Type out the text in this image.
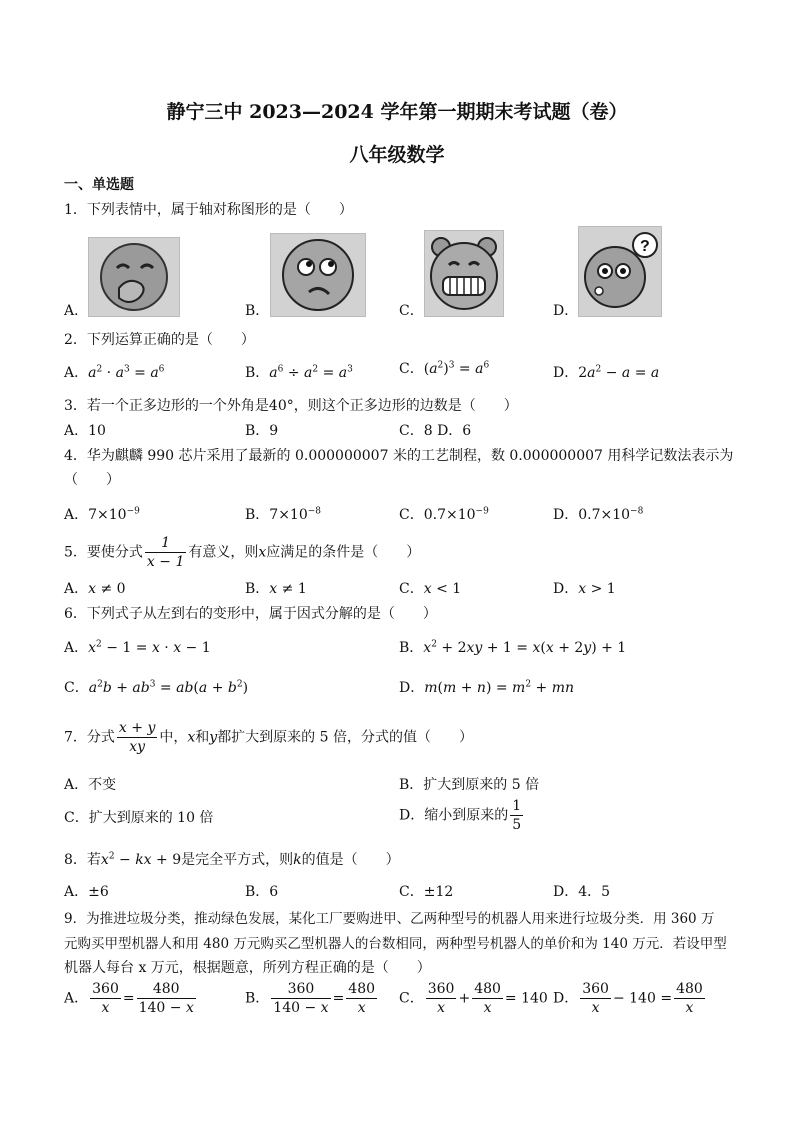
静宁三中 2023—2024 学年第一期期末考试题（卷）
八年级数学
一、单选题
1．下列表情中，属于轴对称图形的是（　　）
A．	B．	C．	D．
?
2．下列运算正确的是（　　）
A．$a^2 \cdot a^3 = a^6$	B．$a^6 \div a^2 = a^3$	C．$(a^2)^3 = a^6$	D．$2a^2 - a = a$
3．若一个正多边形的一个外角是40°，则这个正多边形的边数是（　　）
A．10	B．9	C．8 D．6
4．华为麒麟 990 芯片采用了最新的 0.000000007 米的工艺制程，数 0.000000007 用科学记数法表示为
（　　）
A．$7\times 10^{-9}$	B．$7\times 10^{-8}$	C．$0.7\times 10^{-9}$	D．$0.7\times 10^{-8}$
5．要使分式 $\frac{1}{x - 1}$ 有意义，则x应满足的条件是（　　）
A．x ≠ 0	B．x ≠ 1	C．x < 1	D．x > 1
6．下列式子从左到右的变形中，属于因式分解的是（　　）
A．$x^2 - 1 = x \cdot x - 1$	B．$x^2 + 2xy + 1 = x(x + 2y) + 1$
C．$a^2b + ab^3 = ab(a + b^2)$	D．$m(m + n) = m^2$ + mn
7．分式 $\frac{x + y}{xy}$ 中，x和y都扩大到原来的 5 倍，分式的值（　　）
A．不变	B．扩大到原来的 5 倍
C．扩大到原来的 10 倍	D．缩小到原来的 $\frac{1}{5}$
8．若$x^2$ − kx + 9是完全平方式，则k的值是（　　）
A．±6	B．6	C．±12	D．4．5
9．为推进垃圾分类，推动绿色发展，某化工厂要购进甲、乙两种型号的机器人用来进行垃圾分类．用 360 万
元购买甲型机器人和用 480 万元购买乙型机器人的台数相同，两种型号机器人的单价和为 140 万元．若设甲型
机器人每台 x 万元，根据题意，所列方程正确的是（　　）
A． $\frac{360}{x} = \frac{480}{140 - x}$	B． $\frac{360}{140 - x} = \frac{480}{x}$ C． $\frac{360}{x} + \frac{480}{x} = 140$ D． $\frac{360}{x} - 140 = \frac{480}{x}$
